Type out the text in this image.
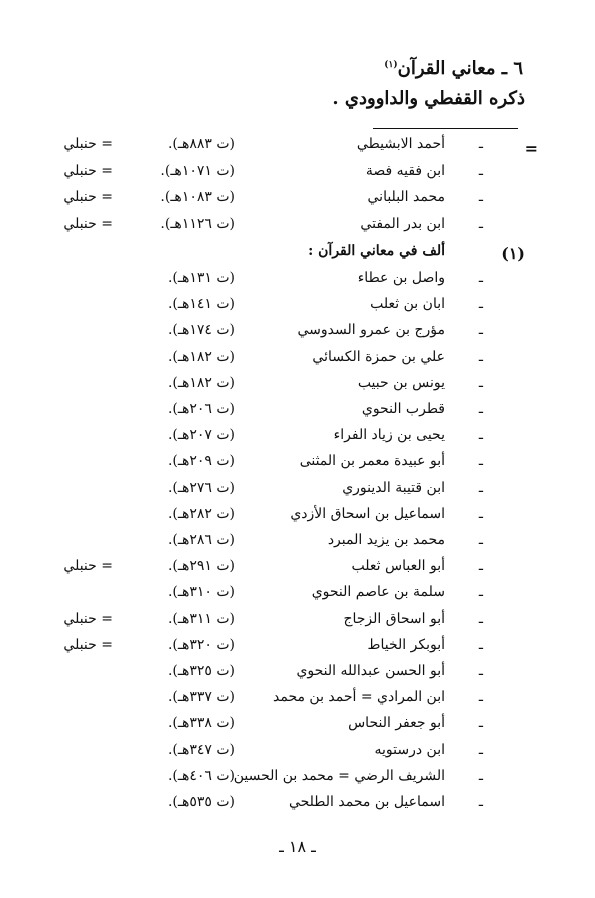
٦ ـ معاني القرآن$^{(١)}$
ذكره القفطي والداوودي .
=
ـ
أحمد الابشيطي
(ت ٨٨٣هـ).
= حنبلي
ـ
ابن فقيه فصة
(ت ١٠٧١هـ).
= حنبلي
ـ
محمد البلباني
(ت ١٠٨٣هـ).
= حنبلي
ـ
ابن بدر المفتي
(ت ١١٢٦هـ).
= حنبلي
(١)
ألف في معاني القرآن :
ـ
واصل بن عطاء
(ت ١٣١هـ).
ـ
ابان بن ثعلب
(ت ١٤١هـ).
ـ
مؤرج بن عمرو السدوسي
(ت ١٧٤هـ).
ـ
علي بن حمزة الكسائي
(ت ١٨٢هـ).
ـ
يونس بن حبيب
(ت ١٨٢هـ).
ـ
قطرب النحوي
(ت ٢٠٦هـ).
ـ
يحيى بن زياد الفراء
(ت ٢٠٧هـ).
ـ
أبو عبيدة معمر بن المثنى
(ت ٢٠٩هـ).
ـ
ابن قتيبة الدينوري
(ت ٢٧٦هـ).
ـ
اسماعيل بن اسحاق الأزدي
(ت ٢٨٢هـ).
ـ
محمد بن يزيد المبرد
(ت ٢٨٦هـ).
ـ
أبو العباس ثعلب
(ت ٢٩١هـ).
= حنبلي
ـ
سلمة بن عاصم النحوي
(ت ٣١٠هـ).
ـ
أبو اسحاق الزجاج
(ت ٣١١هـ).
= حنبلي
ـ
أبوبكر الخياط
(ت ٣٢٠هـ).
= حنبلي
ـ
أبو الحسن عبدالله النحوي
(ت ٣٢٥هـ).
ـ
ابن المرادي = أحمد بن محمد
(ت ٣٣٧هـ).
ـ
أبو جعفر النحاس
(ت ٣٣٨هـ).
ـ
ابن درستويه
(ت ٣٤٧هـ).
ـ
الشريف الرضي = محمد بن الحسين
(ت ٤٠٦هـ).
ـ
اسماعيل بن محمد الطلحي
(ت ٥٣٥هـ).
ـ ١٨ ـ
